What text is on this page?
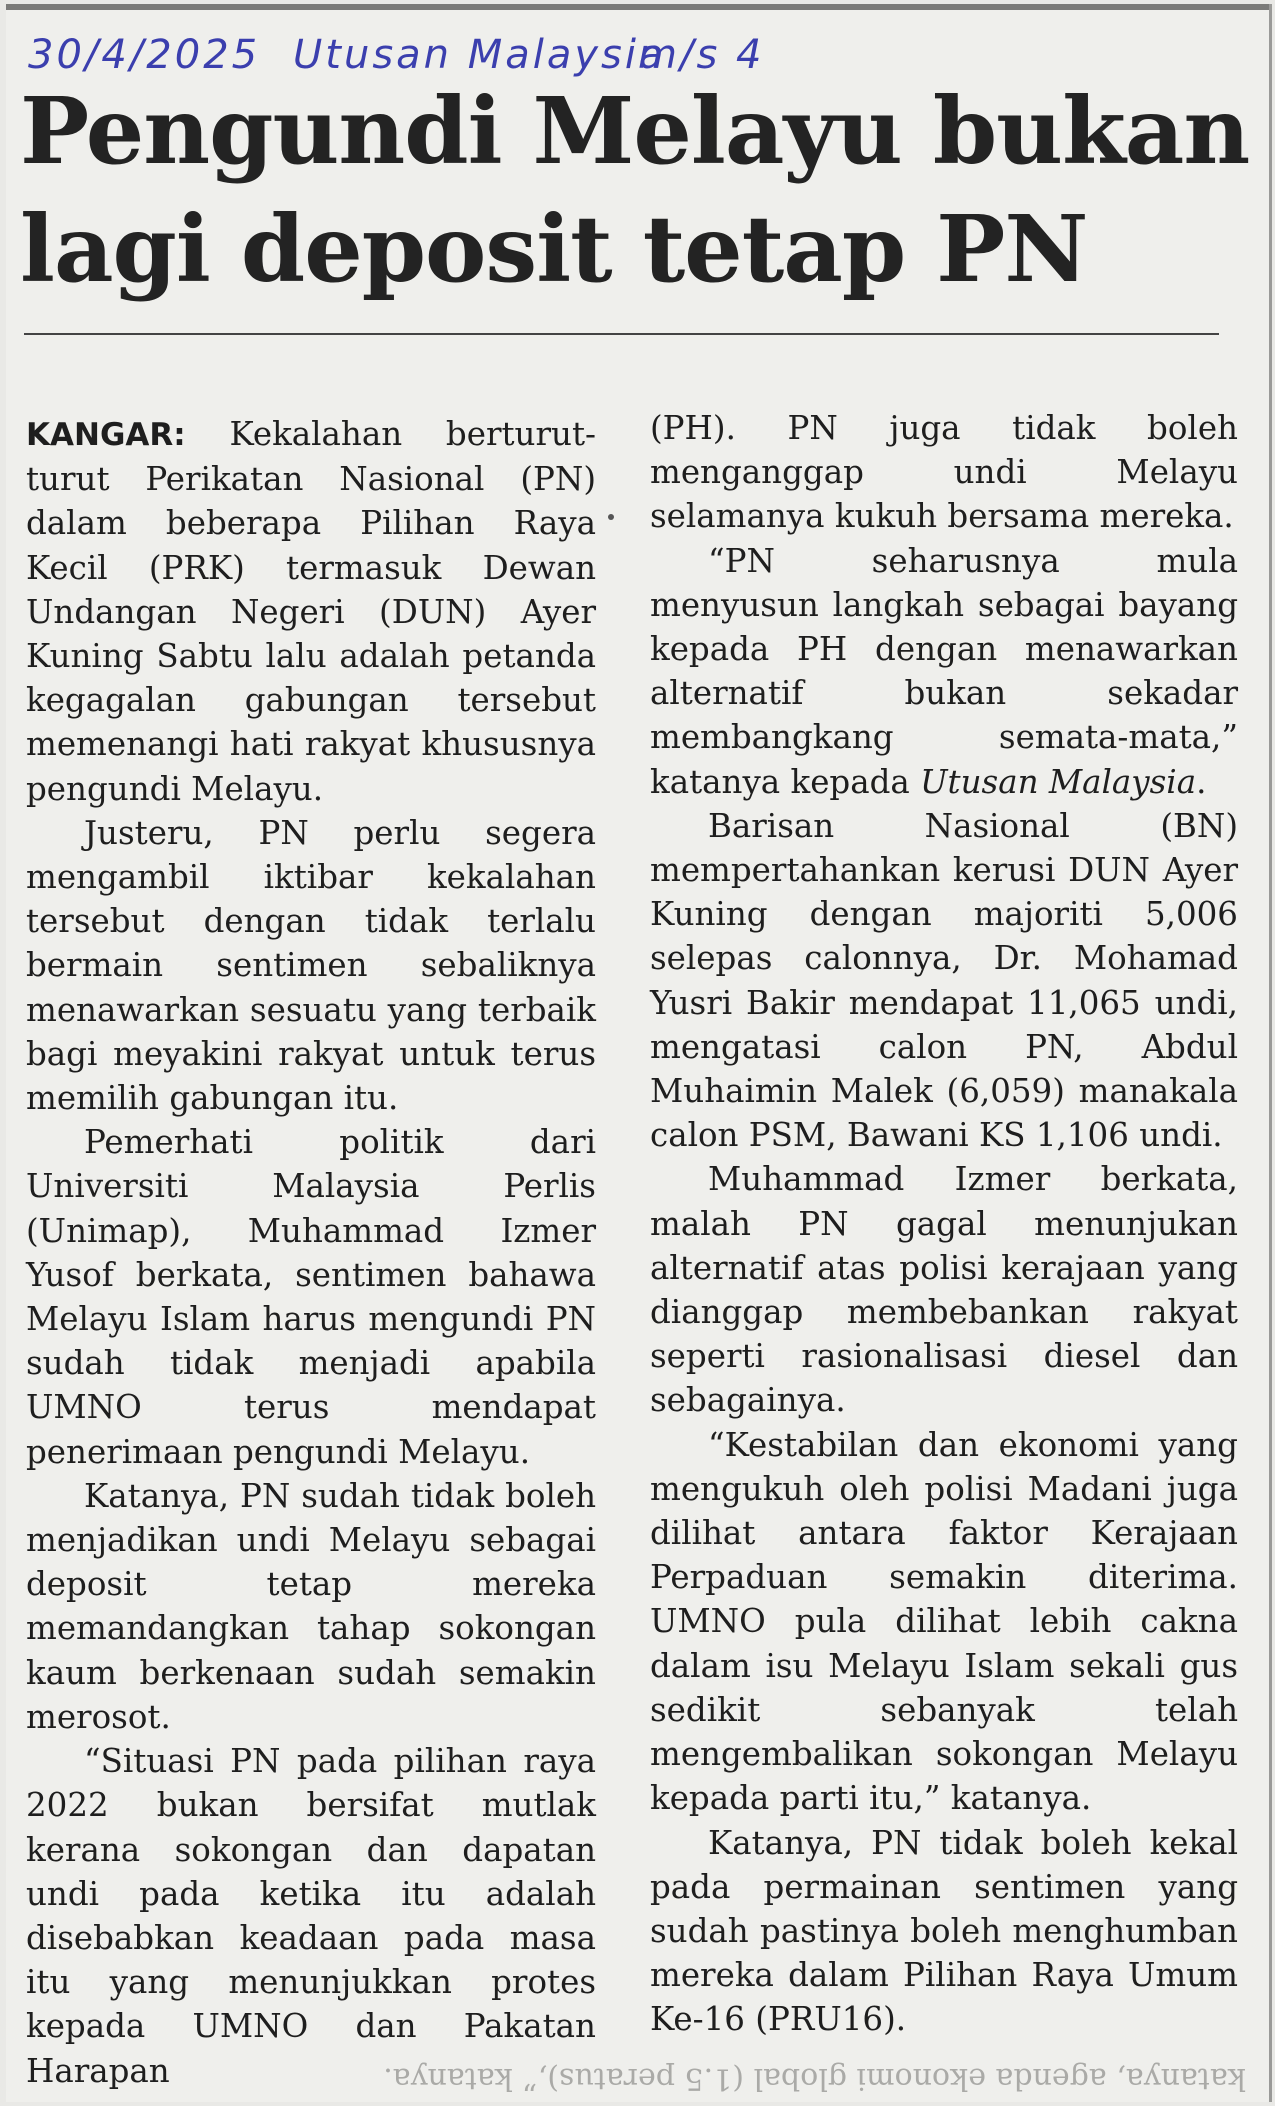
30/4/2025 Utusan Malaysia
m/s 4
Pengundi Melayu bukan lagi deposit tetap PN

KANGAR: Kekalahan berturut-turut Perikatan Nasional (PN) dalam beberapa Pilihan Raya Kecil (PRK) termasuk Dewan Undangan Negeri (DUN) Ayer Kuning Sabtu lalu adalah petanda kegagalan gabungan tersebut memenangi hati rakyat khususnya pengundi Melayu.

Justeru, PN perlu segera mengambil iktibar kekalahan tersebut dengan tidak terlalu bermain sentimen sebaliknya menawarkan sesuatu yang terbaik bagi meyakini rakyat untuk terus memilih gabungan itu.

Pemerhati politik dari Universiti Malaysia Perlis (Unimap), Muhammad Izmer Yusof berkata, sentimen bahawa Melayu Islam harus mengundi PN sudah tidak menjadi apabila UMNO terus mendapat penerimaan pengundi Melayu.

Katanya, PN sudah tidak boleh menjadikan undi Melayu sebagai deposit tetap mereka memandangkan tahap sokongan kaum berkenaan sudah semakin merosot.

“Situasi PN pada pilihan raya 2022 bukan bersifat mutlak kerana sokongan dan dapatan undi pada ketika itu adalah disebabkan keadaan pada masa itu yang menunjukkan protes kepada UMNO dan Pakatan Harapan

(PH). PN juga tidak boleh menganggap undi Melayu selamanya kukuh bersama mereka.

“PN seharusnya mula menyusun langkah sebagai bayang kepada PH dengan menawarkan alternatif bukan sekadar membangkang semata-mata,” katanya kepada Utusan Malaysia.

Barisan Nasional (BN) mempertahankan kerusi DUN Ayer Kuning dengan majoriti 5,006 selepas calonnya, Dr. Mohamad Yusri Bakir mendapat 11,065 undi, mengatasi calon PN, Abdul Muhaimin Malek (6,059) manakala calon PSM, Bawani KS 1,106 undi.

Muhammad Izmer berkata, malah PN gagal menunjukan alternatif atas polisi kerajaan yang dianggap membebankan rakyat seperti rasionalisasi diesel dan sebagainya.

“Kestabilan dan ekonomi yang mengukuh oleh polisi Madani juga dilihat antara faktor Kerajaan Perpaduan semakin diterima. UMNO pula dilihat lebih cakna dalam isu Melayu Islam sekali gus sedikit sebanyak telah mengembalikan sokongan Melayu kepada parti itu,” katanya.

Katanya, PN tidak boleh kekal pada permainan sentimen yang sudah pastinya boleh menghumban mereka dalam Pilihan Raya Umum Ke-16 (PRU16).

katanya, agenda ekonomi global (1.5 peratus),” katanya.
